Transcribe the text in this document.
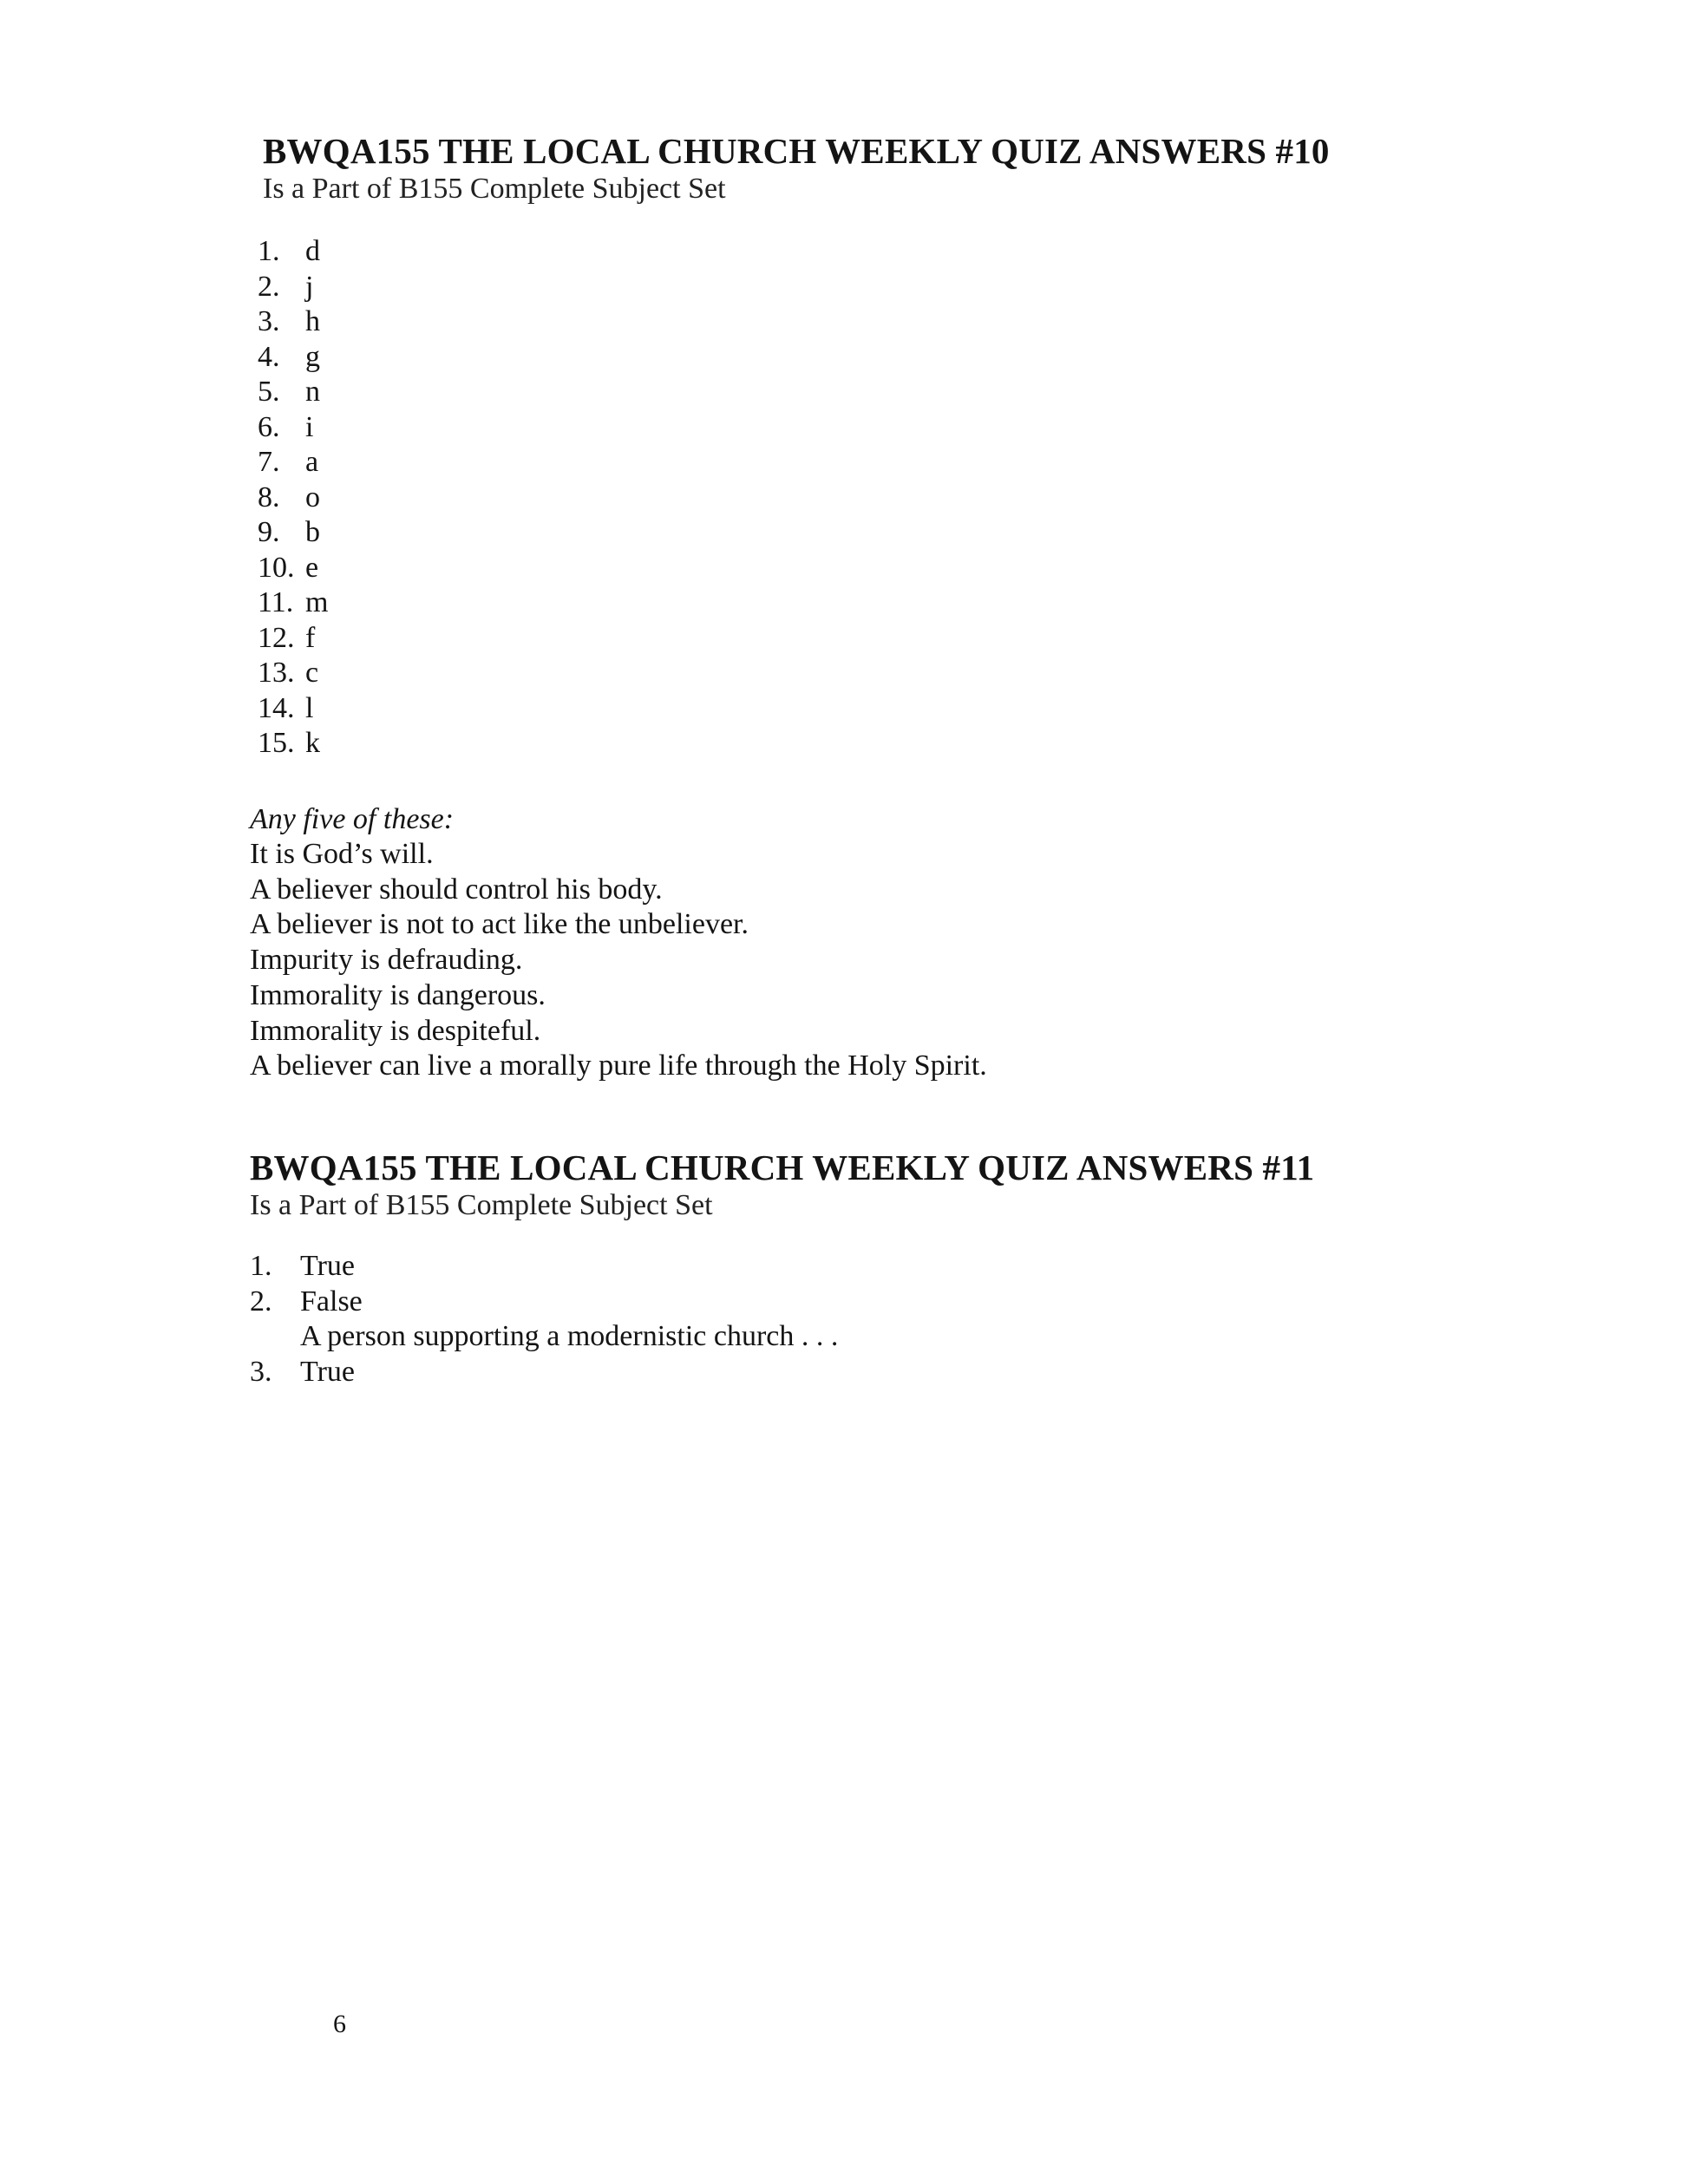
BWQA155 THE LOCAL CHURCH WEEKLY QUIZ ANSWERS #10
Is a Part of B155 Complete Subject Set
1. d
2. j
3. h
4. g
5. n
6. i
7. a
8. o
9. b
10. e
11. m
12. f
13. c
14. l
15. k
Any five of these:
It is God’s will.
A believer should control his body.
A believer is not to act like the unbeliever.
Impurity is defrauding.
Immorality is dangerous.
Immorality is despiteful.
A believer can live a morally pure life through the Holy Spirit.
BWQA155 THE LOCAL CHURCH WEEKLY QUIZ ANSWERS #11
Is a Part of B155 Complete Subject Set
1. True
2. False
A person supporting a modernistic church . . .
3. True
6
